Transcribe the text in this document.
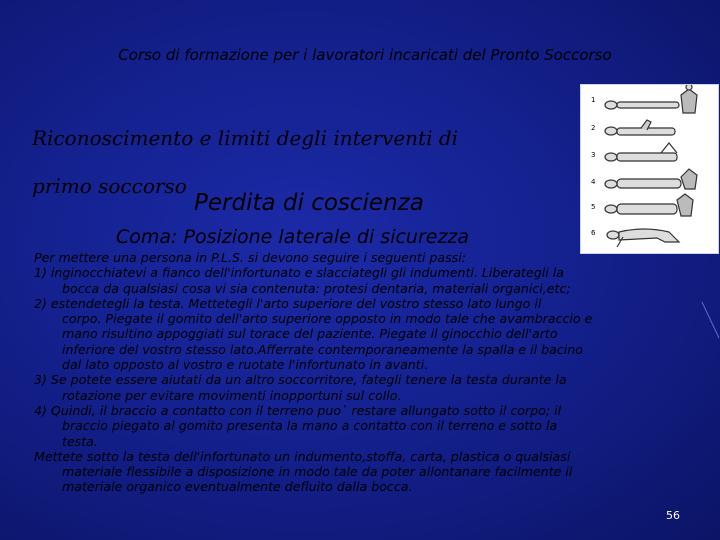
Corso di formazione per i lavoratori incaricati del Pronto Soccorso
Riconoscimento e limiti degli interventi di
primo soccorso
Perdita di coscienza
Coma: Posizione laterale di sicurezza
1
2
3
4
5
6

Per mettere una persona in P.L.S. si devono seguire i seguenti passi:

1) inginocchiatevi a fianco dell'infortunato e slacciategli gli indumenti. Liberategli la
bocca da qualsiasi cosa vi sia contenuta: protesi dentaria, materiali organici,etc;

2) estendetegli la testa. Mettetegli l'arto superiore del vostro stesso lato lungo il
corpo. Piegate il gomito dell'arto superiore opposto in modo tale che avambraccio e
mano risultino appoggiati sul torace del paziente. Piegate il ginocchio dell'arto
inferiore del vostro stesso lato.Afferrate contemporaneamente la spalla e il bacino
dal lato opposto al vostro e ruotate l'infortunato in avanti.

3) Se potete essere aiutati da un altro soccorritore, fategli tenere la testa durante la
rotazione per evitare movimenti inopportuni sul collo.

4) Quindi, il braccio a contatto con il terreno puo` restare allungato sotto il corpo; il
braccio piegato al gomito presenta la mano a contatto con il terreno e sotto la
testa.

Mettete sotto la testa dell'infortunato un indumento,stoffa, carta, plastica o qualsiasi
materiale flessibile a disposizione in modo tale da poter allontanare facilmente il
materiale organico eventualmente defluito dalla bocca.

56
